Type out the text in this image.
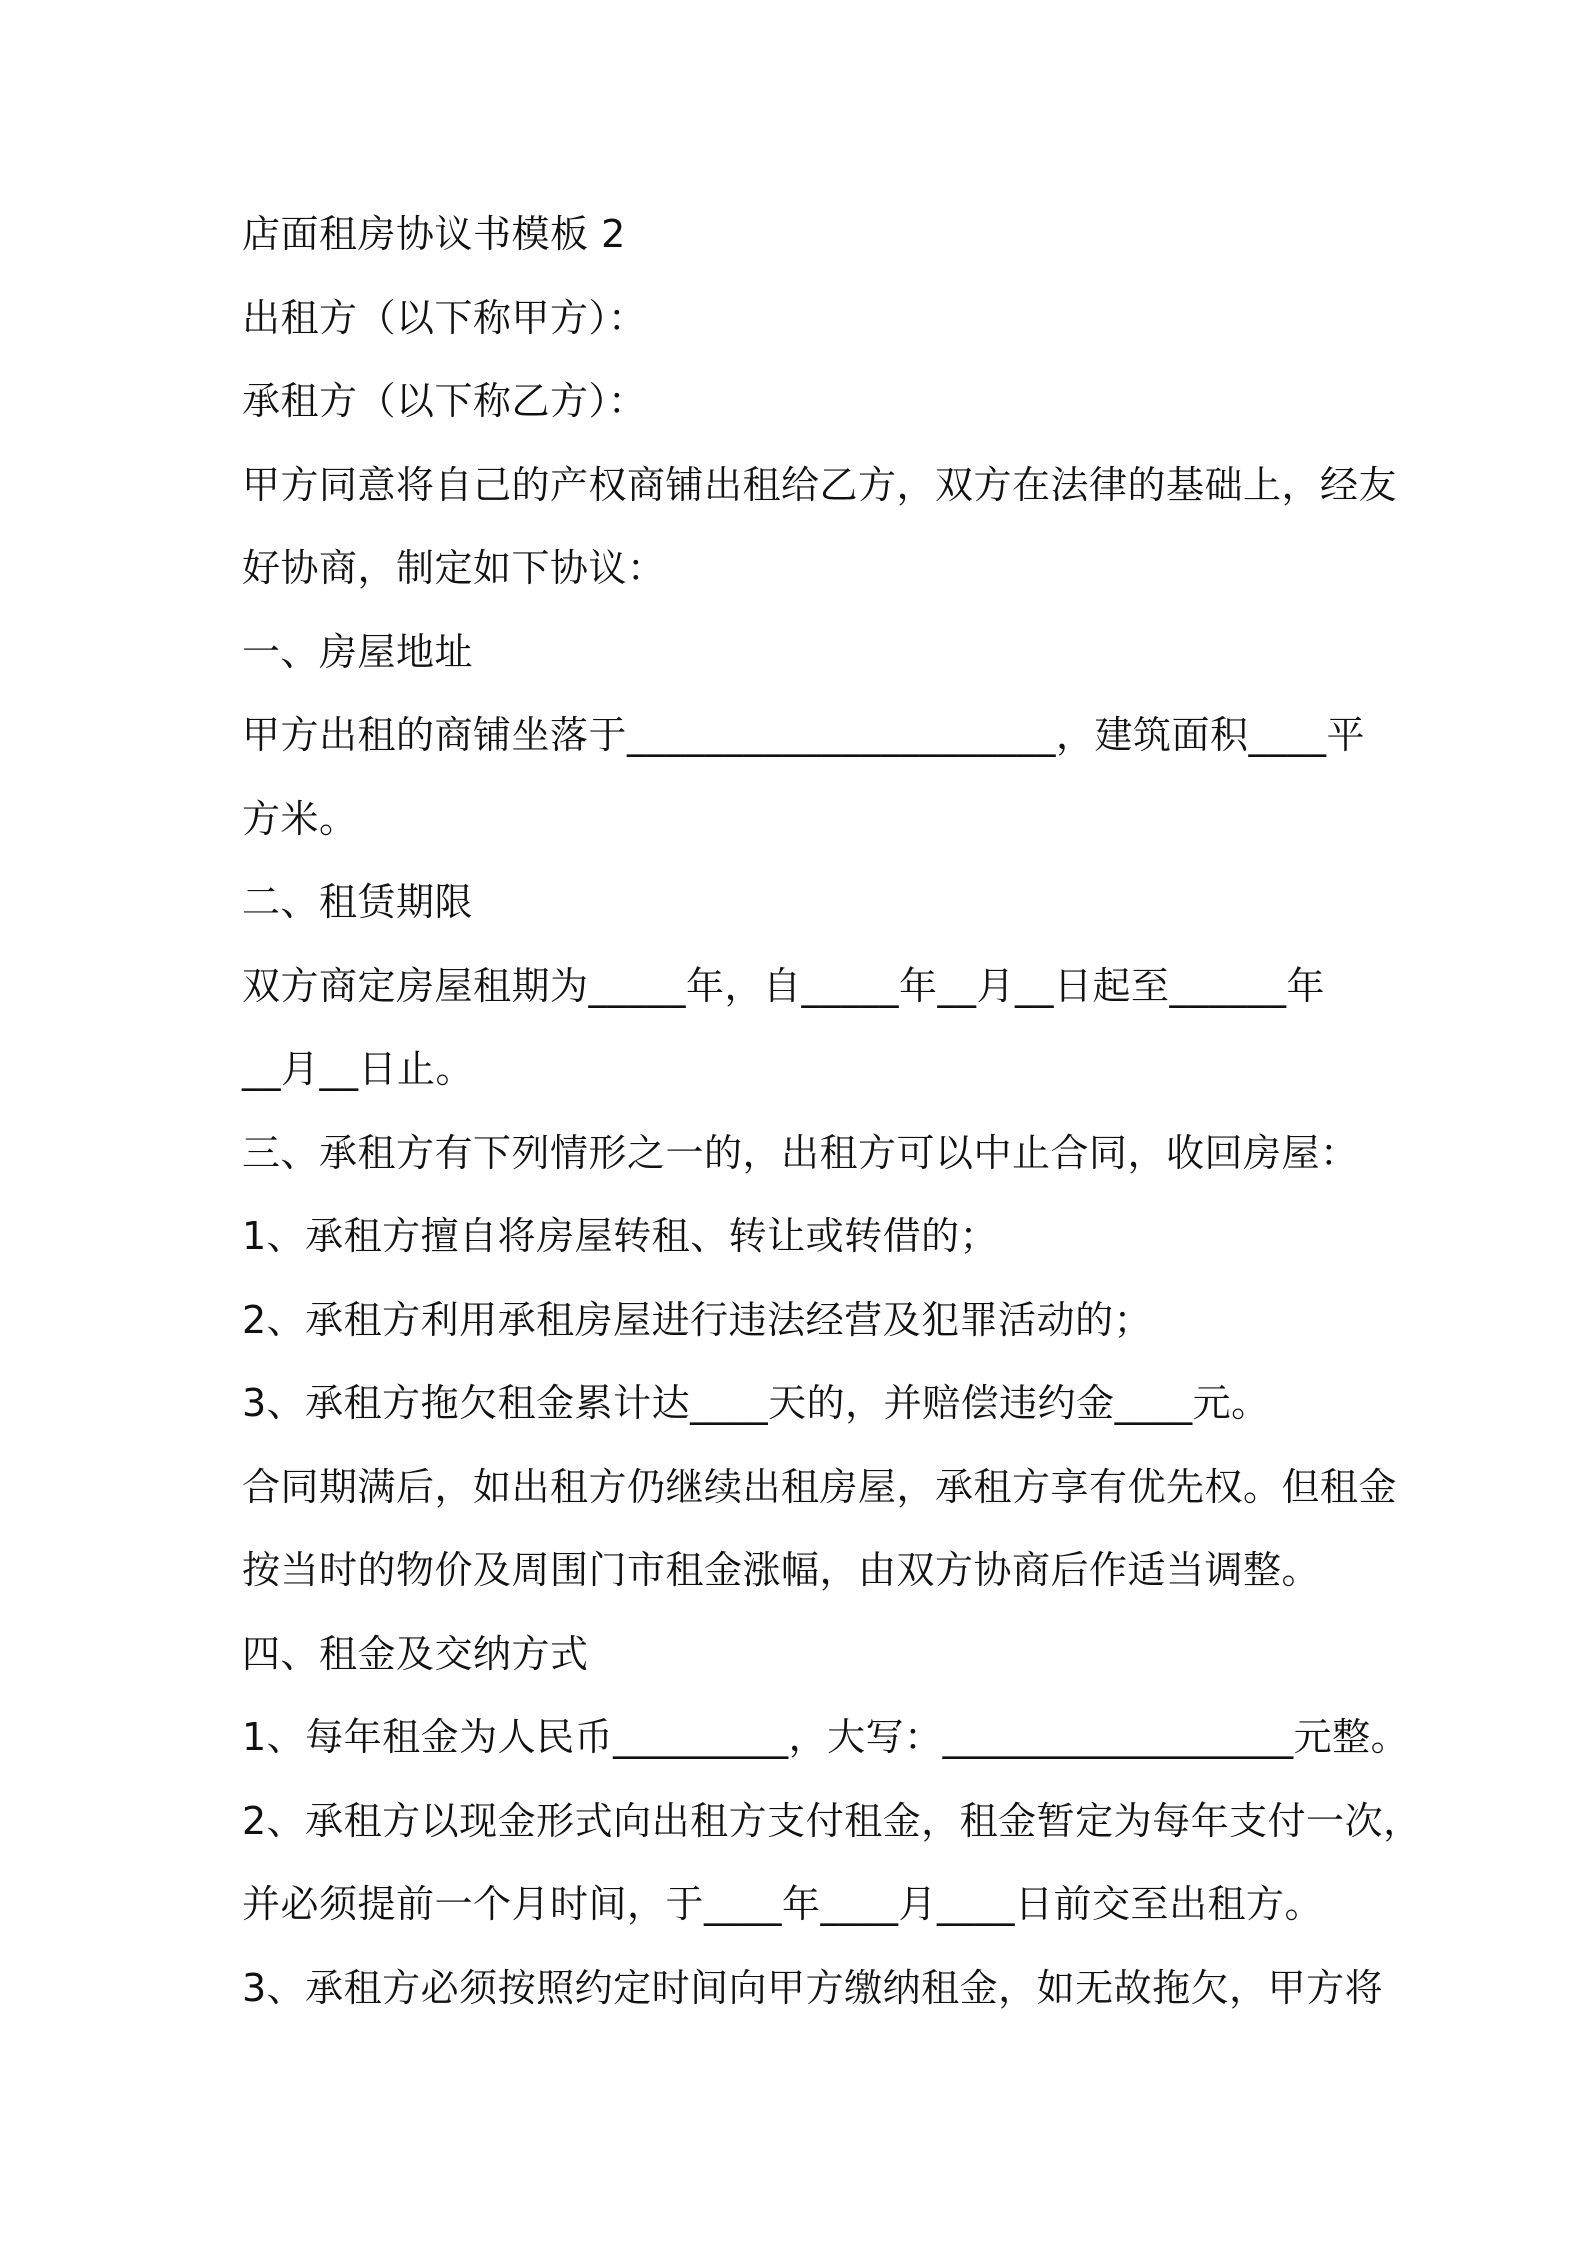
店面租房协议书模板 2
出租方（以下称甲方）：
承租方（以下称乙方）：
甲方同意将自己的产权商铺出租给乙方，双方在法律的基础上，经友
好协商，制定如下协议：
一、房屋地址
甲方出租的商铺坐落于______________________，建筑面积____平
方米。
二、租赁期限
双方商定房屋租期为_____年，自_____年__月__日起至______年
__月__日止。
三、承租方有下列情形之一的，出租方可以中止合同，收回房屋：
1、承租方擅自将房屋转租、转让或转借的；
2、承租方利用承租房屋进行违法经营及犯罪活动的；
3、承租方拖欠租金累计达____天的，并赔偿违约金____元。
合同期满后，如出租方仍继续出租房屋，承租方享有优先权。但租金
按当时的物价及周围门市租金涨幅，由双方协商后作适当调整。
四、租金及交纳方式
1、每年租金为人民币_________，大写：__________________元整。
2、承租方以现金形式向出租方支付租金，租金暂定为每年支付一次，
并必须提前一个月时间，于____年____月____日前交至出租方。
3、承租方必须按照约定时间向甲方缴纳租金，如无故拖欠，甲方将
